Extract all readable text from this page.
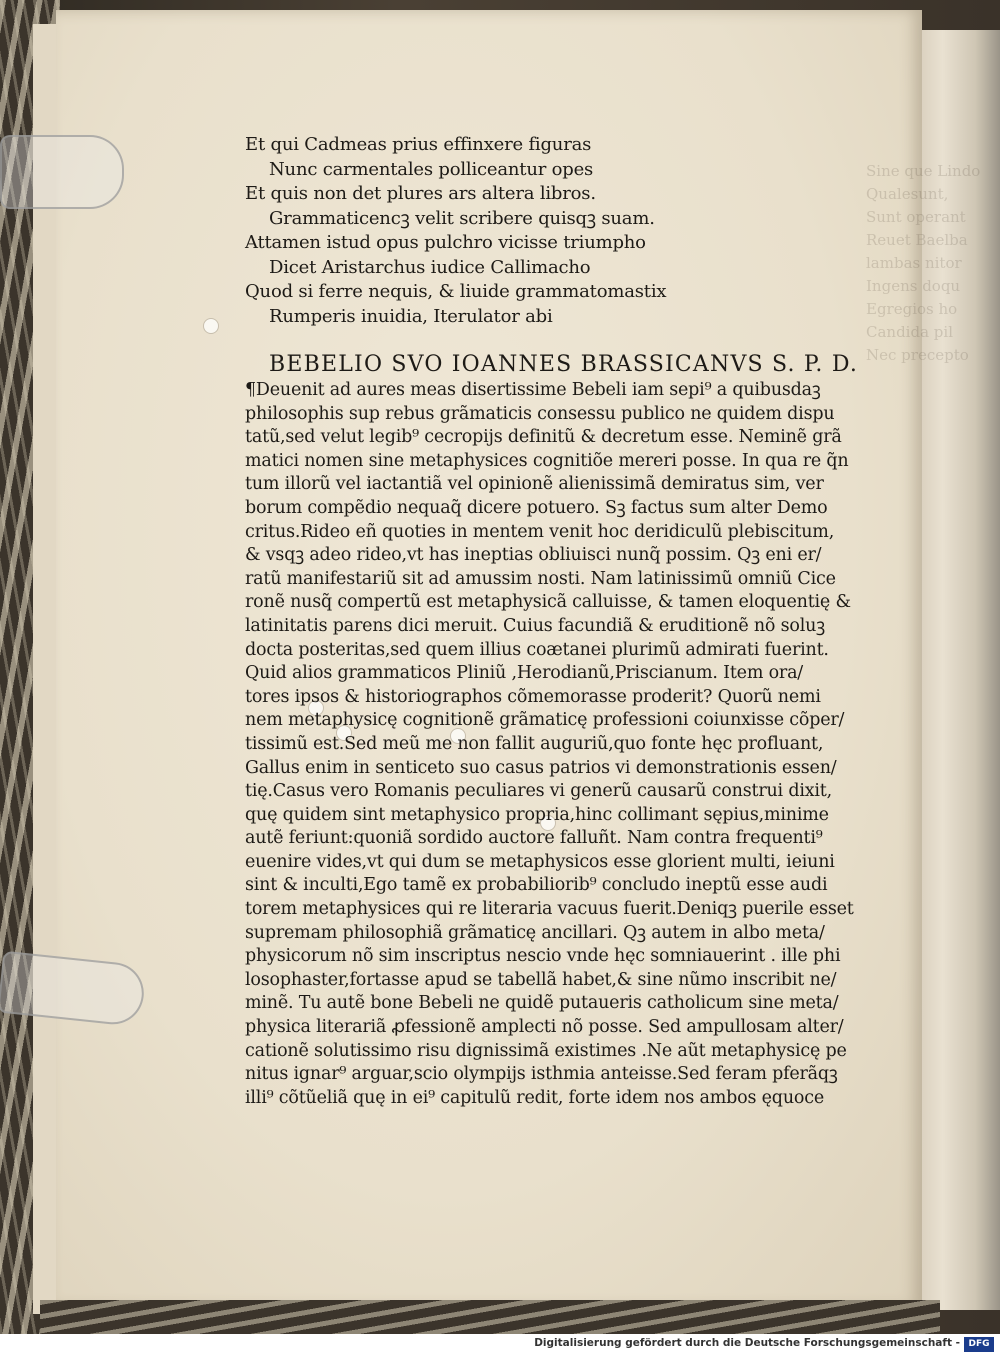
Sine que Lindo
Qualesunt,
Sunt operant
Reuet Baelba
lambas nitor
Ingens doqu
Egregios ho
Candida pil
Nec precepto
Et qui Cadmeas prius effinxere figuras
Nunc carmentales polliceantur opes
Et quis non det plures ars altera libros.
Grammaticencꝫ velit scribere quisqꝫ suam.
Attamen istud opus pulchro vicisse triumpho
Dicet Aristarchus iudice Callimacho
Quod si ferre nequis, & liuide grammatomastix
Rumperis inuidia, Iterulator abi
BEBELIO SVO IOANNES BRASSICANVS S. P. D.
¶Deuenit ad aures meas disertissime Bebeli iam sepi⁹ a quibusdaꝫ
philosophis sup rebus grãmaticis consessu publico ne quidem dispu
tatũ,sed velut legib⁹ cecropijs definitũ & decretum esse. Neminẽ grã
matici nomen sine metaphysices cognitiõe mereri posse. In qua re q̃n
tum illorũ vel iactantiã vel opinionẽ alienissimã demiratus sim, ver
borum compẽdio nequaq̃ dicere potuero. Sꝫ factus sum alter Demo
critus.Rideo eñ quoties in mentem venit hoc deridiculũ plebiscitum,
& vsqꝫ adeo rideo,vt has ineptias obliuisci nunq̃ possim. Qꝫ eni er/
ratũ manifestariũ sit ad amussim nosti. Nam latinissimũ omniũ Cice
ronẽ nusq̃ compertũ est metaphysicã calluisse, & tamen eloquentię &
latinitatis parens dici meruit. Cuius facundiã & eruditionẽ nõ soluꝫ
docta posteritas,sed quem illius coætanei plurimũ admirati fuerint.
Quid alios grammaticos Pliniũ ,Herodianũ,Priscianum. Item ora/
tores ipsos & historiographos cõmemorasse proderit? Quorũ nemi
nem metaphysicę cognitionẽ grãmaticę professioni coiunxisse cõper/
tissimũ est.Sed meũ me non fallit auguriũ,quo fonte hęc profluant,
Gallus enim in senticeto suo casus patrios vi demonstrationis essen/
tię.Casus vero Romanis peculiares vi generũ causarũ construi dixit,
quę quidem sint metaphysico propria,hinc collimant sępius,minime
autẽ feriunt:quoniã sordido auctore falluñt. Nam contra frequenti⁹
euenire vides,vt qui dum se metaphysicos esse glorient multi, ieiuni
sint & inculti,Ego tamẽ ex probabiliorib⁹ concludo ineptũ esse audi
torem metaphysices qui re literaria vacuus fuerit.Deniqꝫ puerile esset
supremam philosophiã grãmaticę ancillari. Qꝫ autem in albo meta/
physicorum nõ sim inscriptus nescio vnde hęc somniauerint . ille phi
losophaster,fortasse apud se tabellã habet,& sine nũmo inscribit ne/
minẽ. Tu autẽ bone Bebeli ne quidẽ putaueris catholicum sine meta/
physica literariã ꝓfessionẽ amplecti nõ posse. Sed ampullosam alter/
cationẽ solutissimo risu dignissimã existimes .Ne aũt metaphysicę pe
nitus ignar⁹ arguar,scio olympijs isthmia anteisse.Sed feram pferãqꝫ
illi⁹ cõtũeliã quę in ei⁹ capitulũ redit, forte idem nos ambos ęquoce
Digitalisierung gefördert durch die Deutsche Forschungsgemeinschaft - DFG
